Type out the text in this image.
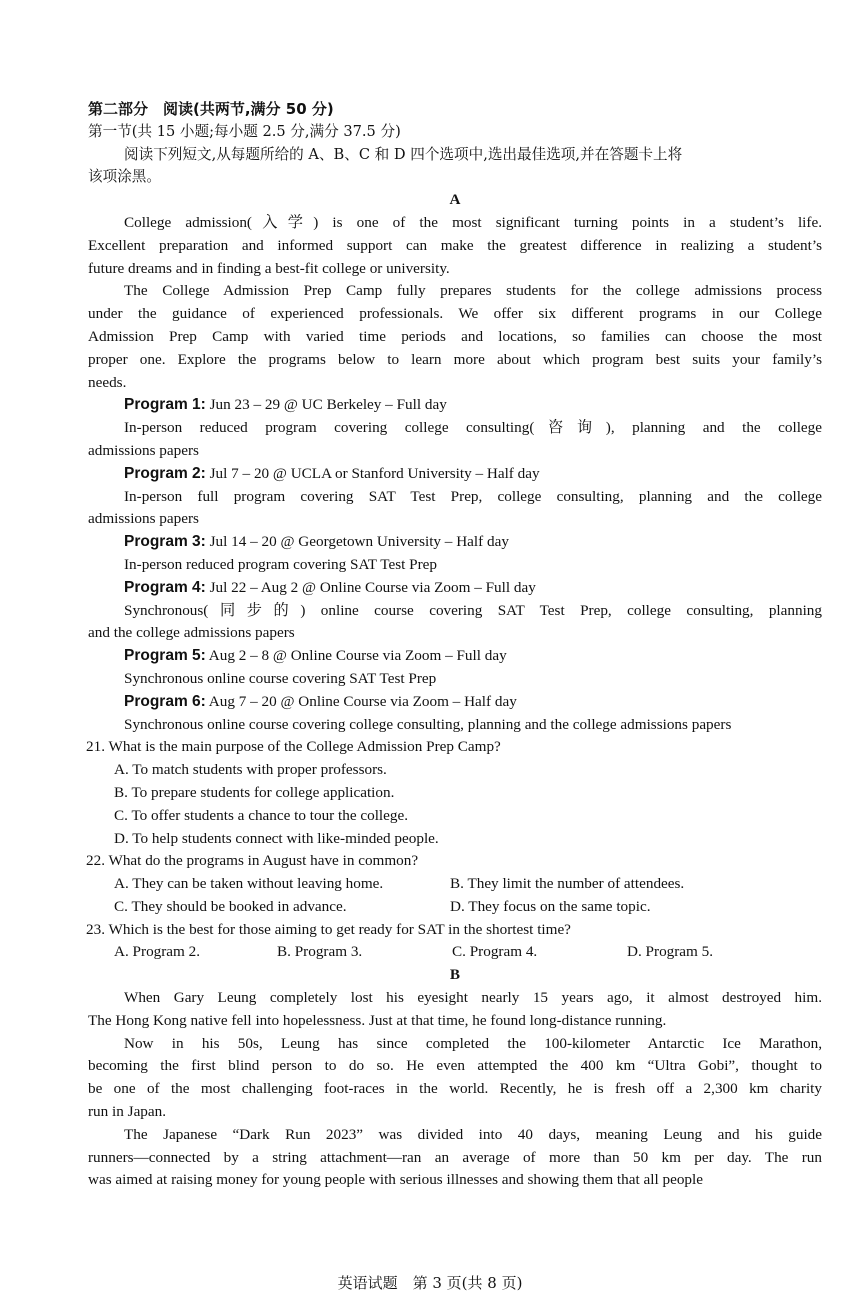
第二部分　阅读(共两节,满分 50 分)
第一节(共 15 小题;每小题 2.5 分,满分 37.5 分)
阅读下列短文,从每题所给的 A、B、C 和 D 四个选项中,选出最佳选项,并在答题卡上将
该项涂黑。
A
College admission(入学) is one of the most significant turning points in a student’s life.
Excellent preparation and informed support can make the greatest difference in realizing a student’s
future dreams and in finding a best-fit college or university.
The College Admission Prep Camp fully prepares students for the college admissions process
under the guidance of experienced professionals. We offer six different programs in our College
Admission Prep Camp with varied time periods and locations, so families can choose the most
proper one. Explore the programs below to learn more about which program best suits your family’s
needs.
Program 1: Jun 23 – 29 @ UC Berkeley – Full day
In-person reduced program covering college consulting(咨询), planning and the college
admissions papers
Program 2: Jul 7 – 20 @ UCLA or Stanford University – Half day
In-person full program covering SAT Test Prep, college consulting, planning and the college
admissions papers
Program 3: Jul 14 – 20 @ Georgetown University – Half day
In-person reduced program covering SAT Test Prep
Program 4: Jul 22 – Aug 2 @ Online Course via Zoom – Full day
Synchronous(同步的) online course covering SAT Test Prep, college consulting, planning
and the college admissions papers
Program 5: Aug 2 – 8 @ Online Course via Zoom – Full day
Synchronous online course covering SAT Test Prep
Program 6: Aug 7 – 20 @ Online Course via Zoom – Half day
Synchronous online course covering college consulting, planning and the college admissions papers
21. What is the main purpose of the College Admission Prep Camp?
A. To match students with proper professors.
B. To prepare students for college application.
C. To offer students a chance to tour the college.
D. To help students connect with like-minded people.
22. What do the programs in August have in common?
A. They can be taken without leaving home.	B. They limit the number of attendees.
C. They should be booked in advance.	D. They focus on the same topic.
23. Which is the best for those aiming to get ready for SAT in the shortest time?
A. Program 2.	B. Program 3.	C. Program 4.	D. Program 5.
B
When Gary Leung completely lost his eyesight nearly 15 years ago, it almost destroyed him.
The Hong Kong native fell into hopelessness. Just at that time, he found long-distance running.
Now in his 50s, Leung has since completed the 100-kilometer Antarctic Ice Marathon,
becoming the first blind person to do so. He even attempted the 400 km “Ultra Gobi”, thought to
be one of the most challenging foot-races in the world. Recently, he is fresh off a 2,300 km charity
run in Japan.
The Japanese “Dark Run 2023” was divided into 40 days, meaning Leung and his guide
runners—connected by a string attachment—ran an average of more than 50 km per day. The run
was aimed at raising money for young people with serious illnesses and showing them that all people
英语试题　第 3 页(共 8 页)
